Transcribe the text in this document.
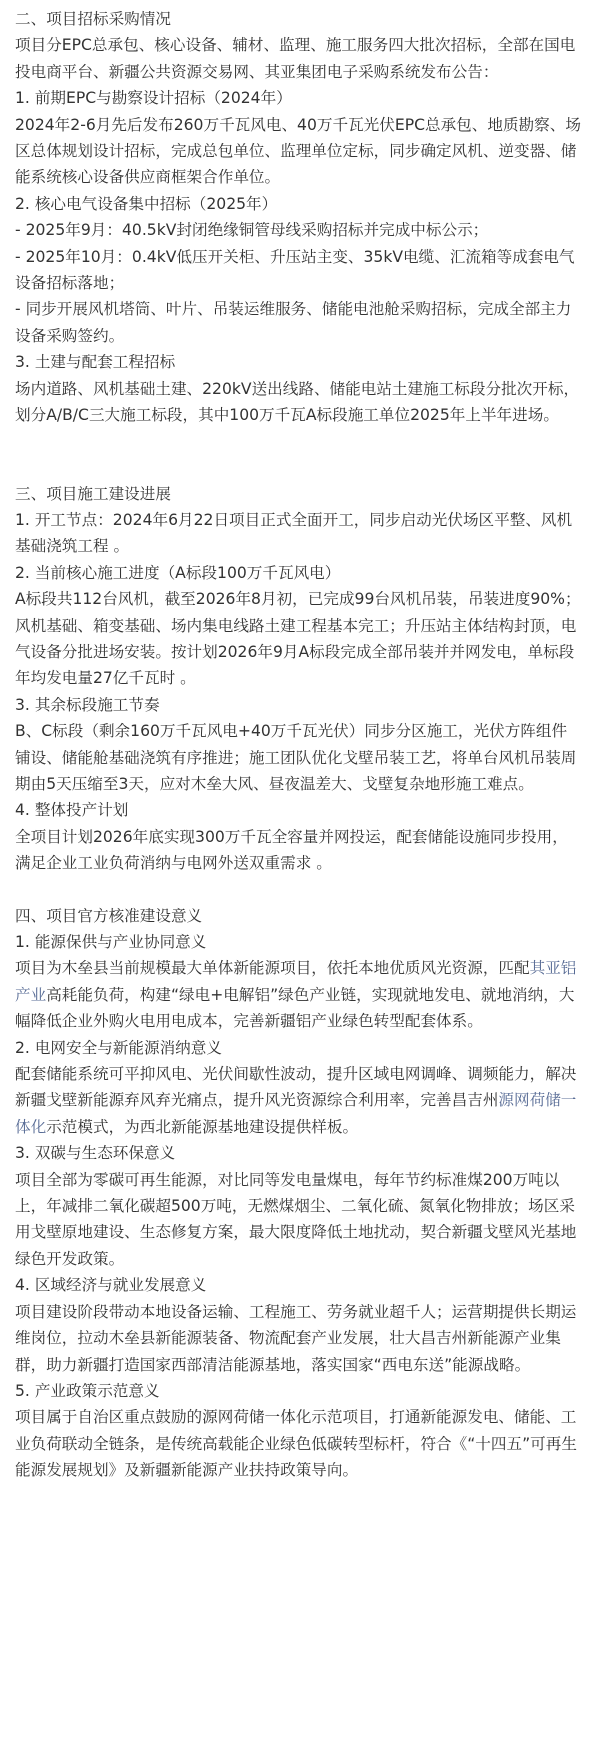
二、项目招标采购情况

项目分EPC总承包、核心设备、辅材、监理、施工服务四大批次招标，全部在国电投电商平台、新疆公共资源交易网、其亚集团电子采购系统发布公告：

1. 前期EPC与勘察设计招标（2024年）

2024年2-6月先后发布260万千瓦风电、40万千瓦光伏EPC总承包、地质勘察、场区总体规划设计招标，完成总包单位、监理单位定标，同步确定风机、逆变器、储能系统核心设备供应商框架合作单位。

2. 核心电气设备集中招标（2025年）

- 2025年9月：40.5kV封闭绝缘铜管母线采购招标并完成中标公示；

- 2025年10月：0.4kV低压开关柜、升压站主变、35kV电缆、汇流箱等成套电气设备招标落地；

- 同步开展风机塔筒、叶片、吊装运维服务、储能电池舱采购招标，完成全部主力设备采购签约。

3. 土建与配套工程招标

场内道路、风机基础土建、220kV送出线路、储能电站土建施工标段分批次开标，划分A/B/C三大施工标段，其中100万千瓦A标段施工单位2025年上半年进场。

三、项目施工建设进展

1. 开工节点：2024年6月22日项目正式全面开工，同步启动光伏场区平整、风机基础浇筑工程 。

2. 当前核心施工进度（A标段100万千瓦风电）

A标段共112台风机，截至2026年8月初，已完成99台风机吊装，吊装进度90%；风机基础、箱变基础、场内集电线路土建工程基本完工；升压站主体结构封顶，电气设备分批进场安装。按计划2026年9月A标段完成全部吊装并并网发电，单标段年均发电量27亿千瓦时 。

3. 其余标段施工节奏

B、C标段（剩余160万千瓦风电+40万千瓦光伏）同步分区施工，光伏方阵组件铺设、储能舱基础浇筑有序推进；施工团队优化戈壁吊装工艺，将单台风机吊装周期由5天压缩至3天，应对木垒大风、昼夜温差大、戈壁复杂地形施工难点。

4. 整体投产计划

全项目计划2026年底实现300万千瓦全容量并网投运，配套储能设施同步投用，满足企业工业负荷消纳与电网外送双重需求 。

四、项目官方核准建设意义

1. 能源保供与产业协同意义

项目为木垒县当前规模最大单体新能源项目，依托本地优质风光资源，匹配其亚铝产业高耗能负荷，构建“绿电+电解铝”绿色产业链，实现就地发电、就地消纳，大幅降低企业外购火电用电成本，完善新疆铝产业绿色转型配套体系。

2. 电网安全与新能源消纳意义

配套储能系统可平抑风电、光伏间歇性波动，提升区域电网调峰、调频能力，解决新疆戈壁新能源弃风弃光痛点，提升风光资源综合利用率，完善昌吉州源网荷储一体化示范模式，为西北新能源基地建设提供样板。

3. 双碳与生态环保意义

项目全部为零碳可再生能源，对比同等发电量煤电，每年节约标准煤200万吨以上，年减排二氧化碳超500万吨，无燃煤烟尘、二氧化硫、氮氧化物排放；场区采用戈壁原地建设、生态修复方案，最大限度降低土地扰动，契合新疆戈壁风光基地绿色开发政策。

4. 区域经济与就业发展意义

项目建设阶段带动本地设备运输、工程施工、劳务就业超千人；运营期提供长期运维岗位，拉动木垒县新能源装备、物流配套产业发展，壮大昌吉州新能源产业集群，助力新疆打造国家西部清洁能源基地，落实国家“西电东送”能源战略。

5. 产业政策示范意义

项目属于自治区重点鼓励的源网荷储一体化示范项目，打通新能源发电、储能、工业负荷联动全链条，是传统高载能企业绿色低碳转型标杆，符合《“十四五”可再生能源发展规划》及新疆新能源产业扶持政策导向。
